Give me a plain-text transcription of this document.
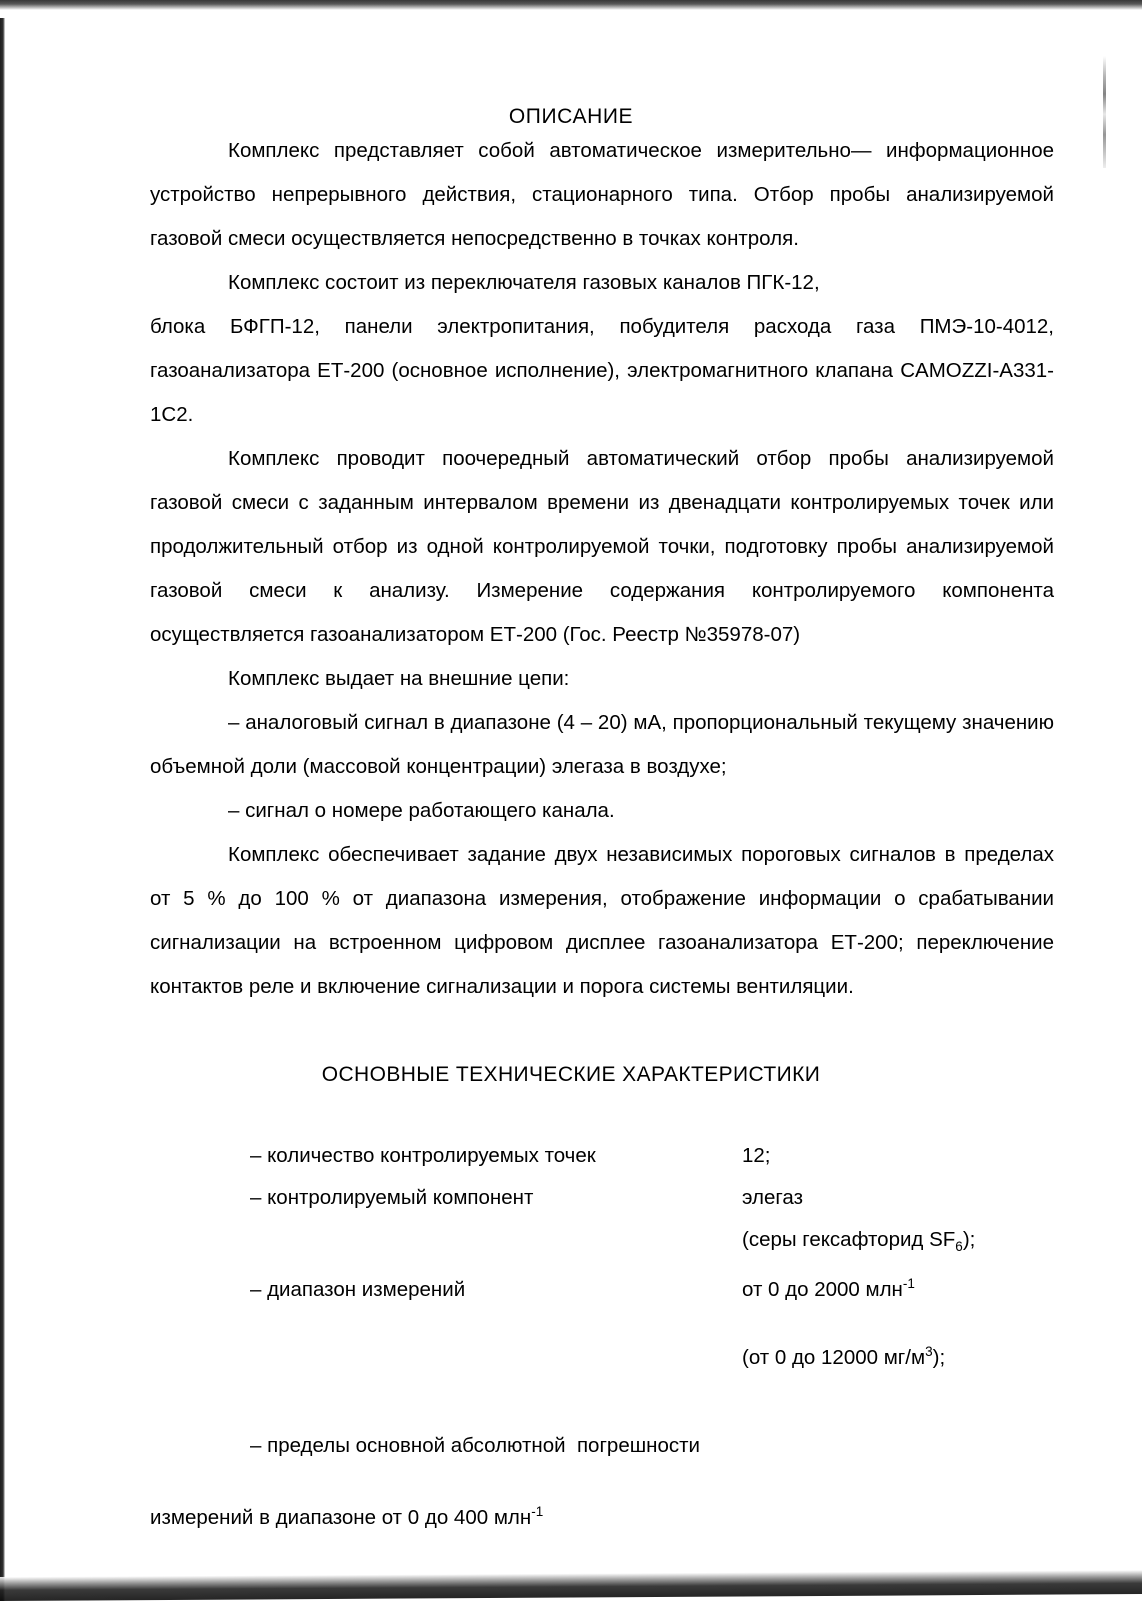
ОПИСАНИЕ

Комплекс представляет собой автоматическое измерительно— информационное устройство непрерывного действия, стационарного типа. Отбор пробы анализируемой газовой смеси осуществляется непосредственно в точках контроля.

Комплекс состоит из переключателя газовых каналов ПГК-12,

блока БФГП-12, панели электропитания, побудителя расхода газа ПМЭ-10-4012, газоанализатора ЕТ-200 (основное исполнение), электромагнитного клапана CAMOZZI-A331-1C2.

Комплекс проводит поочередный автоматический отбор пробы анализируемой газовой смеси с заданным интервалом времени из двенадцати контролируемых точек или продолжительный отбор из одной контролируемой точки, подготовку пробы анализируемой газовой смеси к анализу. Измерение содержания контролируемого компонента осуществляется газоанализатором ЕТ-200 (Гос. Реестр №35978-07)

Комплекс выдает на внешние цепи:

– аналоговый сигнал в диапазоне (4 – 20) мА, пропорциональный текущему значению объемной доли (массовой концентрации) элегаза в воздухе;

– сигнал о номере работающего канала.

Комплекс обеспечивает задание двух независимых пороговых сигналов в пределах от 5 % до 100 % от диапазона измерения, отображение информации о срабатывании сигнализации на встроенном цифровом дисплее газоанализатора ЕТ-200; переключение контактов реле и включение сигнализации и порога системы вентиляции.

ОСНОВНЫЕ ТЕХНИЧЕСКИЕ ХАРАКТЕРИСТИКИ
– количество контролируемых точек	12;
– контролируемый компонент	элегаз
(серы гексафторид $SF_6$);
– диапазон измерений	от 0 до 2000 млн$^{-1}$
(от 0 до 12000 $мг/м^3$);
– пределы основной абсолютной  погрешности
измерений в диапазоне от 0 до 400 млн$^{-1}$
